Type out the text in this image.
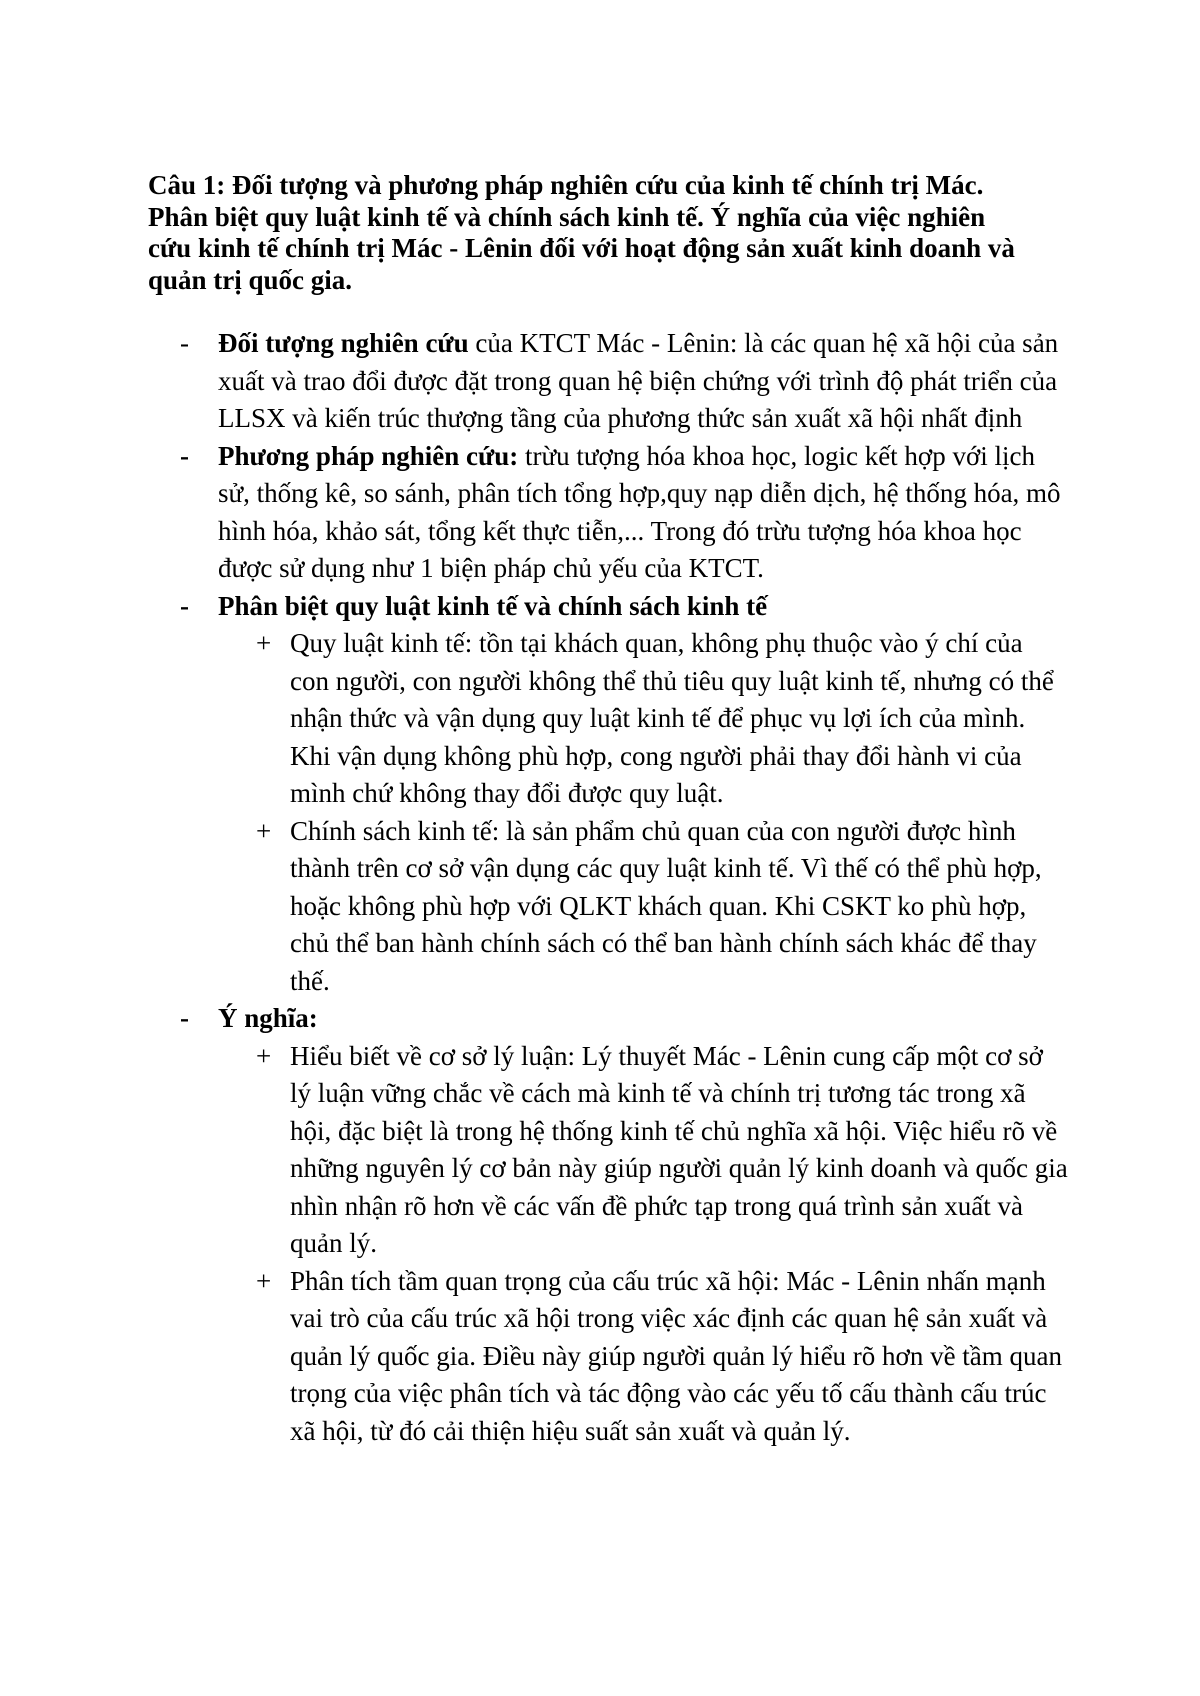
Câu 1: Đối tượng và phương pháp nghiên cứu của kinh tế chính trị Mác.
Phân biệt quy luật kinh tế và chính sách kinh tế. Ý nghĩa của việc nghiên
cứu kinh tế chính trị Mác - Lênin đối với hoạt động sản xuất kinh doanh và
quản trị quốc gia.
-	Đối tượng nghiên cứu của KTCT Mác - Lênin: là các quan hệ xã hội của sản xuất và trao đổi được đặt trong quan hệ biện chứng với trình độ phát triển của LLSX và kiến trúc thượng tầng của phương thức sản xuất xã hội nhất định
-	Phương pháp nghiên cứu: trừu tượng hóa khoa học, logic kết hợp với lịch sử, thống kê, so sánh, phân tích tổng hợp,quy nạp diễn dịch, hệ thống hóa, mô hình hóa, khảo sát, tổng kết thực tiễn,... Trong đó trừu tượng hóa khoa học được sử dụng như 1 biện pháp chủ yếu của KTCT.
-	Phân biệt quy luật kinh tế và chính sách kinh tế
+ Quy luật kinh tế: tồn tại khách quan, không phụ thuộc vào ý chí của con người, con người không thể thủ tiêu quy luật kinh tế, nhưng có thể nhận thức và vận dụng quy luật kinh tế để phục vụ lợi ích của mình. Khi vận dụng không phù hợp, cong người phải thay đổi hành vi của mình chứ không thay đổi được quy luật.
+ Chính sách kinh tế: là sản phẩm chủ quan của con người được hình thành trên cơ sở vận dụng các quy luật kinh tế. Vì thế có thể phù hợp, hoặc không phù hợp với QLKT khách quan. Khi CSKT ko phù hợp, chủ thể ban hành chính sách có thể ban hành chính sách khác để thay thế.
-	Ý nghĩa:
+ Hiểu biết về cơ sở lý luận: Lý thuyết Mác - Lênin cung cấp một cơ sở lý luận vững chắc về cách mà kinh tế và chính trị tương tác trong xã hội, đặc biệt là trong hệ thống kinh tế chủ nghĩa xã hội. Việc hiểu rõ về những nguyên lý cơ bản này giúp người quản lý kinh doanh và quốc gia nhìn nhận rõ hơn về các vấn đề phức tạp trong quá trình sản xuất và quản lý.
+ Phân tích tầm quan trọng của cấu trúc xã hội: Mác - Lênin nhấn mạnh vai trò của cấu trúc xã hội trong việc xác định các quan hệ sản xuất và quản lý quốc gia. Điều này giúp người quản lý hiểu rõ hơn về tầm quan trọng của việc phân tích và tác động vào các yếu tố cấu thành cấu trúc xã hội, từ đó cải thiện hiệu suất sản xuất và quản lý.
